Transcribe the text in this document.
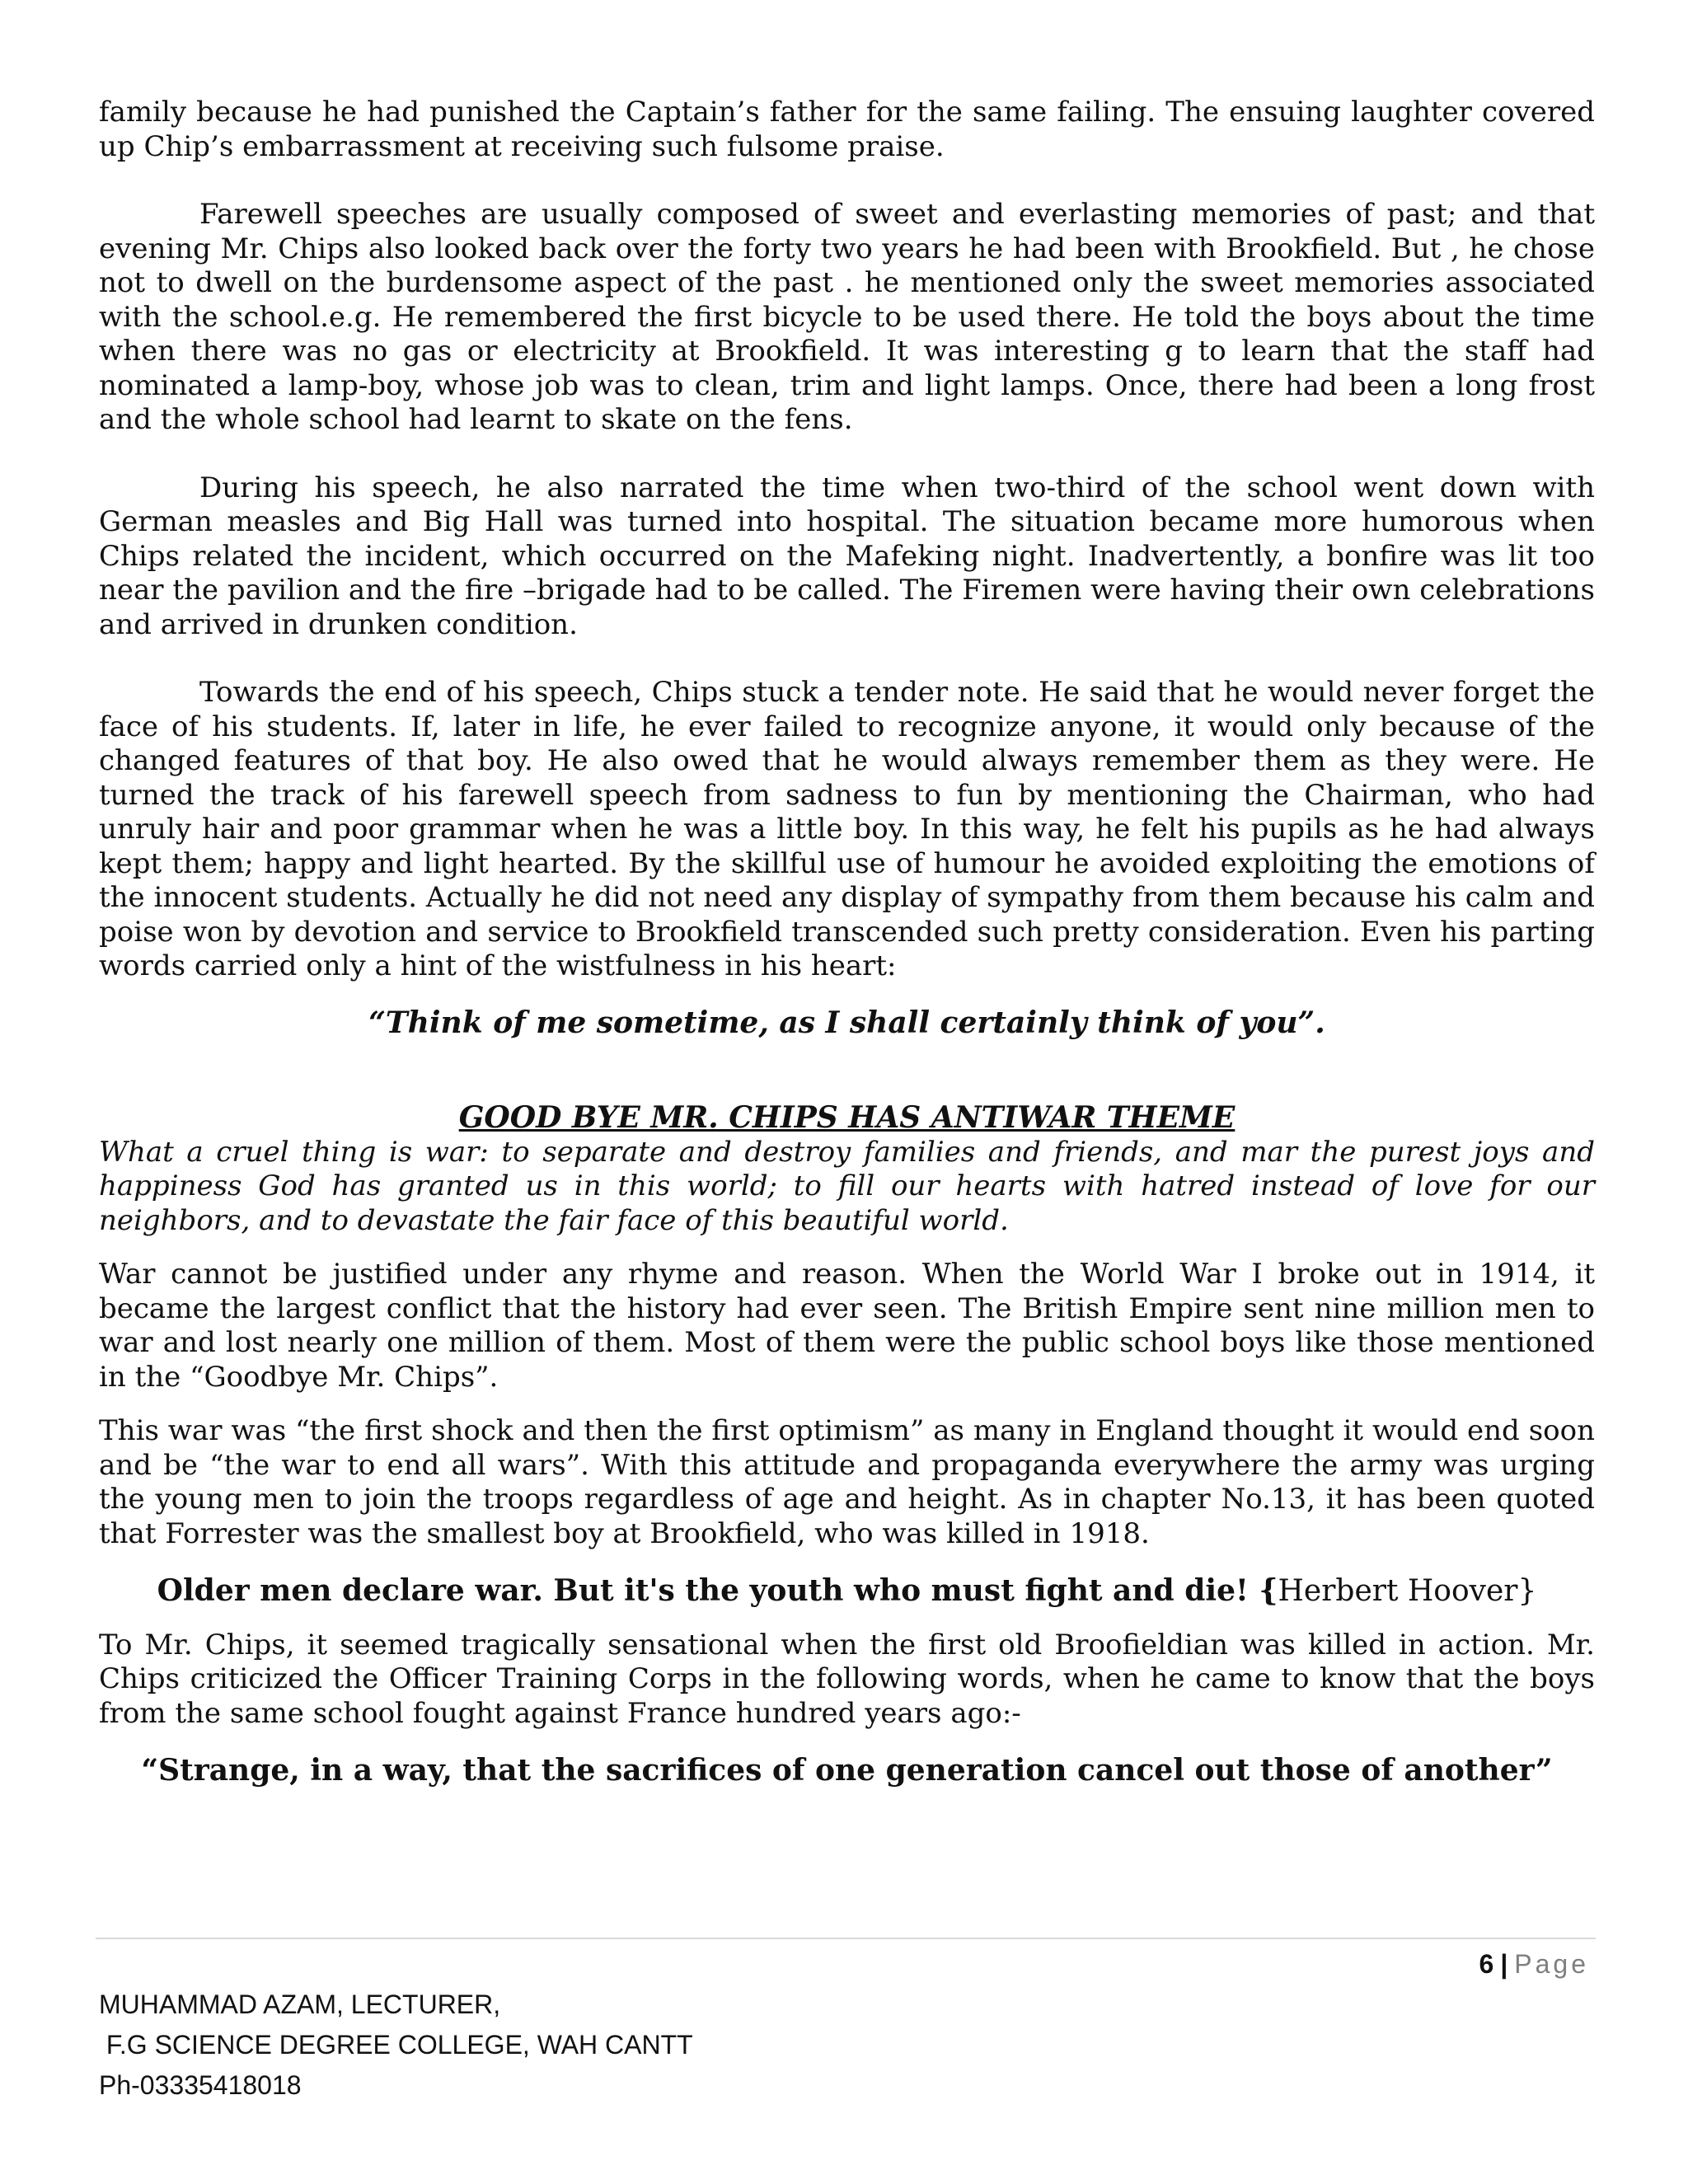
family because he had punished the Captain’s father for the same failing. The ensuing laughter covered up Chip’s embarrassment at receiving such fulsome praise.

Farewell speeches are usually composed of sweet and everlasting memories of past; and that evening Mr. Chips also looked back over the forty two years he had been with Brookfield. But , he chose not to dwell on the burdensome aspect of the past . he mentioned only the sweet memories associated with the school.e.g. He remembered the first bicycle to be used there. He told the boys about the time when there was no gas or electricity at Brookfield. It was interesting g to learn that the staff had nominated a lamp-boy, whose job was to clean, trim and light lamps. Once, there had been a long frost and the whole school had learnt to skate on the fens.

During his speech, he also narrated the time when two-third of the school went down with German measles and Big Hall was turned into hospital. The situation became more humorous when Chips related the incident, which occurred on the Mafeking night. Inadvertently, a bonfire was lit too near the pavilion and the fire –brigade had to be called. The Firemen were having their own celebrations and arrived in drunken condition.

Towards the end of his speech, Chips stuck a tender note. He said that he would never forget the face of his students. If, later in life, he ever failed to recognize anyone, it would only because of the changed features of that boy. He also owed that he would always remember them as they were. He turned the track of his farewell speech from sadness to fun by mentioning the Chairman, who had unruly hair and poor grammar when he was a little boy. In this way, he felt his pupils as he had always kept them; happy and light hearted. By the skillful use of humour he avoided exploiting the emotions of the innocent students. Actually he did not need any display of sympathy from them because his calm and poise won by devotion and service to Brookfield transcended such pretty consideration. Even his parting words carried only a hint of the wistfulness in his heart:

“Think of me sometime, as I shall certainly think of you”.

GOOD BYE MR. CHIPS HAS ANTIWAR THEME

What a cruel thing is war: to separate and destroy families and friends, and mar the purest joys and happiness God has granted us in this world; to fill our hearts with hatred instead of love for our neighbors, and to devastate the fair face of this beautiful world.

War cannot be justified under any rhyme and reason. When the World War I broke out in 1914, it became the largest conflict that the history had ever seen. The British Empire sent nine million men to war and lost nearly one million of them. Most of them were the public school boys like those mentioned in the “Goodbye Mr. Chips”.

This war was “the first shock and then the first optimism” as many in England thought it would end soon and be “the war to end all wars”. With this attitude and propaganda everywhere the army was urging the young men to join the troops regardless of age and height. As in chapter No.13, it has been quoted that Forrester was the smallest boy at Brookfield, who was killed in 1918.

Older men declare war. But it's the youth who must fight and die! {Herbert Hoover}

To Mr. Chips, it seemed tragically sensational when the first old Broofieldian was killed in action. Mr. Chips criticized the Officer Training Corps in the following words, when he came to know that the boys from the same school fought against France hundred years ago:-

“Strange, in a way, that the sacrifices of one generation cancel out those of another”

6 | Page
MUHAMMAD AZAM, LECTURER,
F.G SCIENCE DEGREE COLLEGE, WAH CANTT
Ph-03335418018
